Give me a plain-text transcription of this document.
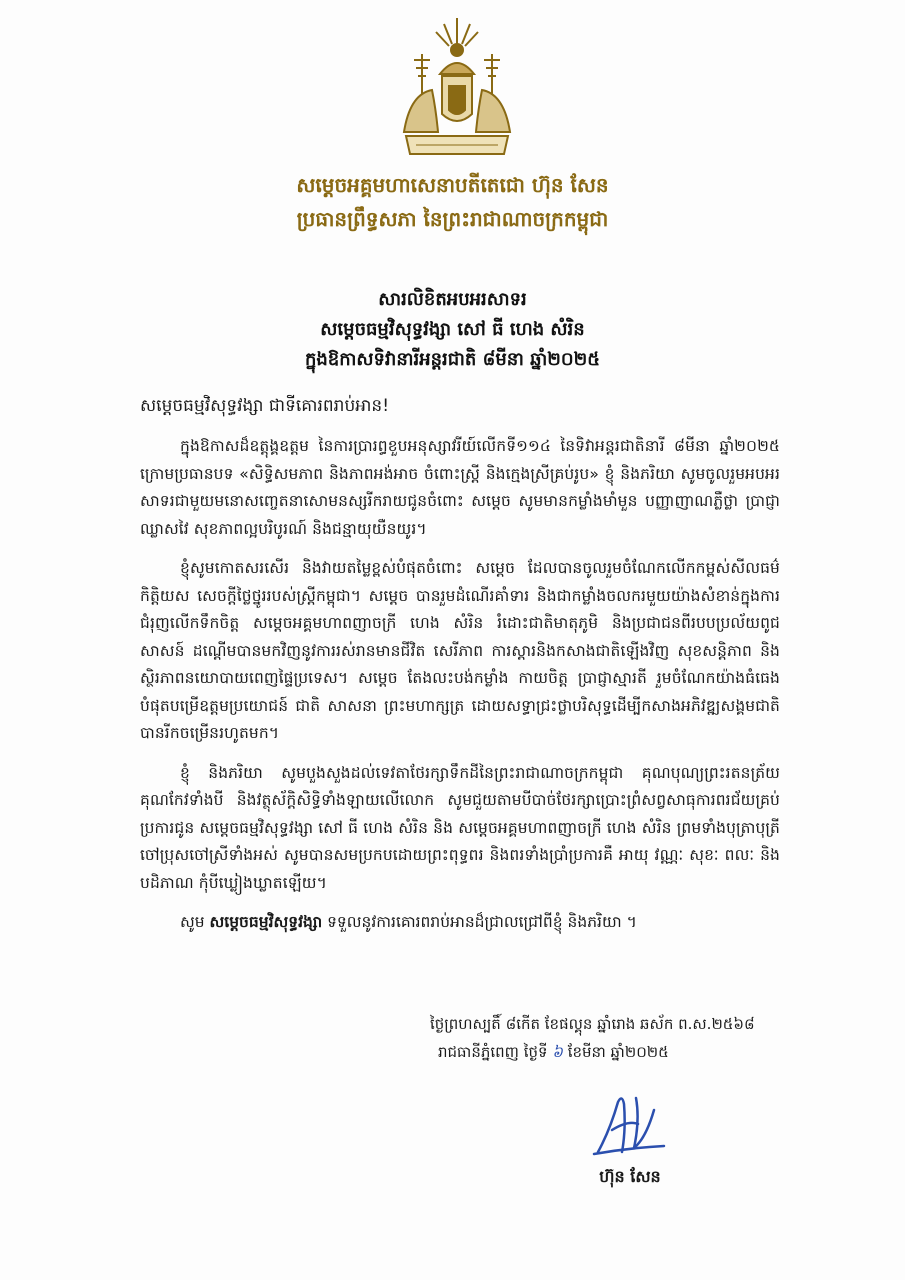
សម្តេចអគ្គមហាសេនាបតីតេជោ ហ៊ុន សែន

ប្រធានព្រឹទ្ធសភា នៃព្រះរាជាណាចក្រកម្ពុជា

សារលិខិតអបអរសាទរ

សម្តេចធម្មវិសុទ្ធវង្សា សៅ ធី ហេង សំរិន

ក្នុងឱកាសទិវានារីអន្តរជាតិ ៨មីនា ឆ្នាំ២០២៥

សម្តេចធម្មវិសុទ្ធវង្សា ជាទីគោរពរាប់អាន!

ក្នុងឱកាសដ៏ឧត្តុង្គឧត្តម នៃការប្រារព្ធខួបអនុស្សាវរីយ៍លើកទី១១៤ នៃទិវាអន្តរជាតិនារី ៨មីនា ឆ្នាំ២០២៥ ក្រោមប្រធានបទ «សិទ្ធិសមភាព និងភាពអង់អាច ចំពោះស្ត្រី និងក្មេងស្រីគ្រប់រូប» ខ្ញុំ និងភរិយា សូមចូលរួមអបអរសាទរជាមួយមនោសញ្ចេតនាសោមនស្សរីករាយជូនចំពោះ សម្តេច សូមមានកម្លាំងមាំមួន បញ្ញាញាណភ្លឺថ្លា ប្រាជ្ញាឈ្លាសវៃ សុខភាពល្អបរិបូរណ៍ និងជន្មាយុយឺនយូរ។

ខ្ញុំសូមកោតសរសើរ និងវាយតម្លៃខ្ពស់បំផុតចំពោះ សម្តេច ដែលបានចូលរួមចំណែកលើកកម្ពស់សីលធម៌ កិត្តិយស សេចក្តីថ្លៃថ្នូររបស់ស្ត្រីកម្ពុជា។ សម្តេច បានរួមដំណើរគាំទារ និងជាកម្លាំងចលករមួយយ៉ាងសំខាន់ក្នុងការ ជំរុញលើកទឹកចិត្ត សម្តេចអគ្គមហាពញាចក្រី ហេង សំរិន រំដោះជាតិមាតុភូមិ និងប្រជាជនពីរបបប្រល័យពូជសាសន៍ ដណ្តើមបានមកវិញនូវការរស់រានមានជីវិត សេរីភាព ការស្តារនិងកសាងជាតិឡើងវិញ សុខសន្តិភាព និងស្ថិរភាពនយោបាយពេញផ្ទៃប្រទេស។ សម្តេច តែងលះបង់កម្លាំង កាយចិត្ត ប្រាជ្ញាស្មារតី រួមចំណែកយ៉ាងធំធេងបំផុតបម្រើឧត្តមប្រយោជន៍ ជាតិ សាសនា ព្រះមហាក្សត្រ ដោយសទ្ធាជ្រះថ្លាបរិសុទ្ធដើម្បីកសាងអភិវឌ្ឍសង្គមជាតិបានរីកចម្រើនរហូតមក។

ខ្ញុំ និងភរិយា សូមបួងសួងដល់ទេវតាថែរក្សាទឹកដីនៃព្រះរាជាណាចក្រកម្ពុជា គុណបុណ្យព្រះរតនត្រ័យ គុណកែវទាំងបី និងវត្ថុស័ក្តិសិទ្ធិទាំងឡាយលើលោក សូមជួយតាមបីបាច់ថែរក្សាប្រោះព្រំសព្វសាធុការពរជ័យគ្រប់ប្រការជូន សម្តេចធម្មវិសុទ្ធវង្សា សៅ ធី ហេង សំរិន និង សម្តេចអគ្គមហាពញាចក្រី ហេង សំរិន ព្រមទាំងបុត្រាបុត្រី ចៅប្រុសចៅស្រីទាំងអស់ សូមបានសមប្រកបដោយព្រះពុទ្ធពរ និងពរទាំងប្រាំប្រការគឺ អាយុ វណ្ណៈ សុខៈ ពលៈ និងបដិភាណ កុំបីឃ្លៀងឃ្លាតឡើយ។

សូម សម្តេចធម្មវិសុទ្ធវង្សា ទទួលនូវការគោរពរាប់អានដ៏ជ្រាលជ្រៅពីខ្ញុំ និងភរិយា ។

ថ្ងៃព្រហស្បតិ៍ ៨កើត ខែផល្គុន ឆ្នាំរោង ឆស័ក ព.ស.២៥៦៨

រាជធានីភ្នំពេញ ថ្ងៃទី ៦ ខែមីនា ឆ្នាំ២០២៥

ហ៊ុន សែន
